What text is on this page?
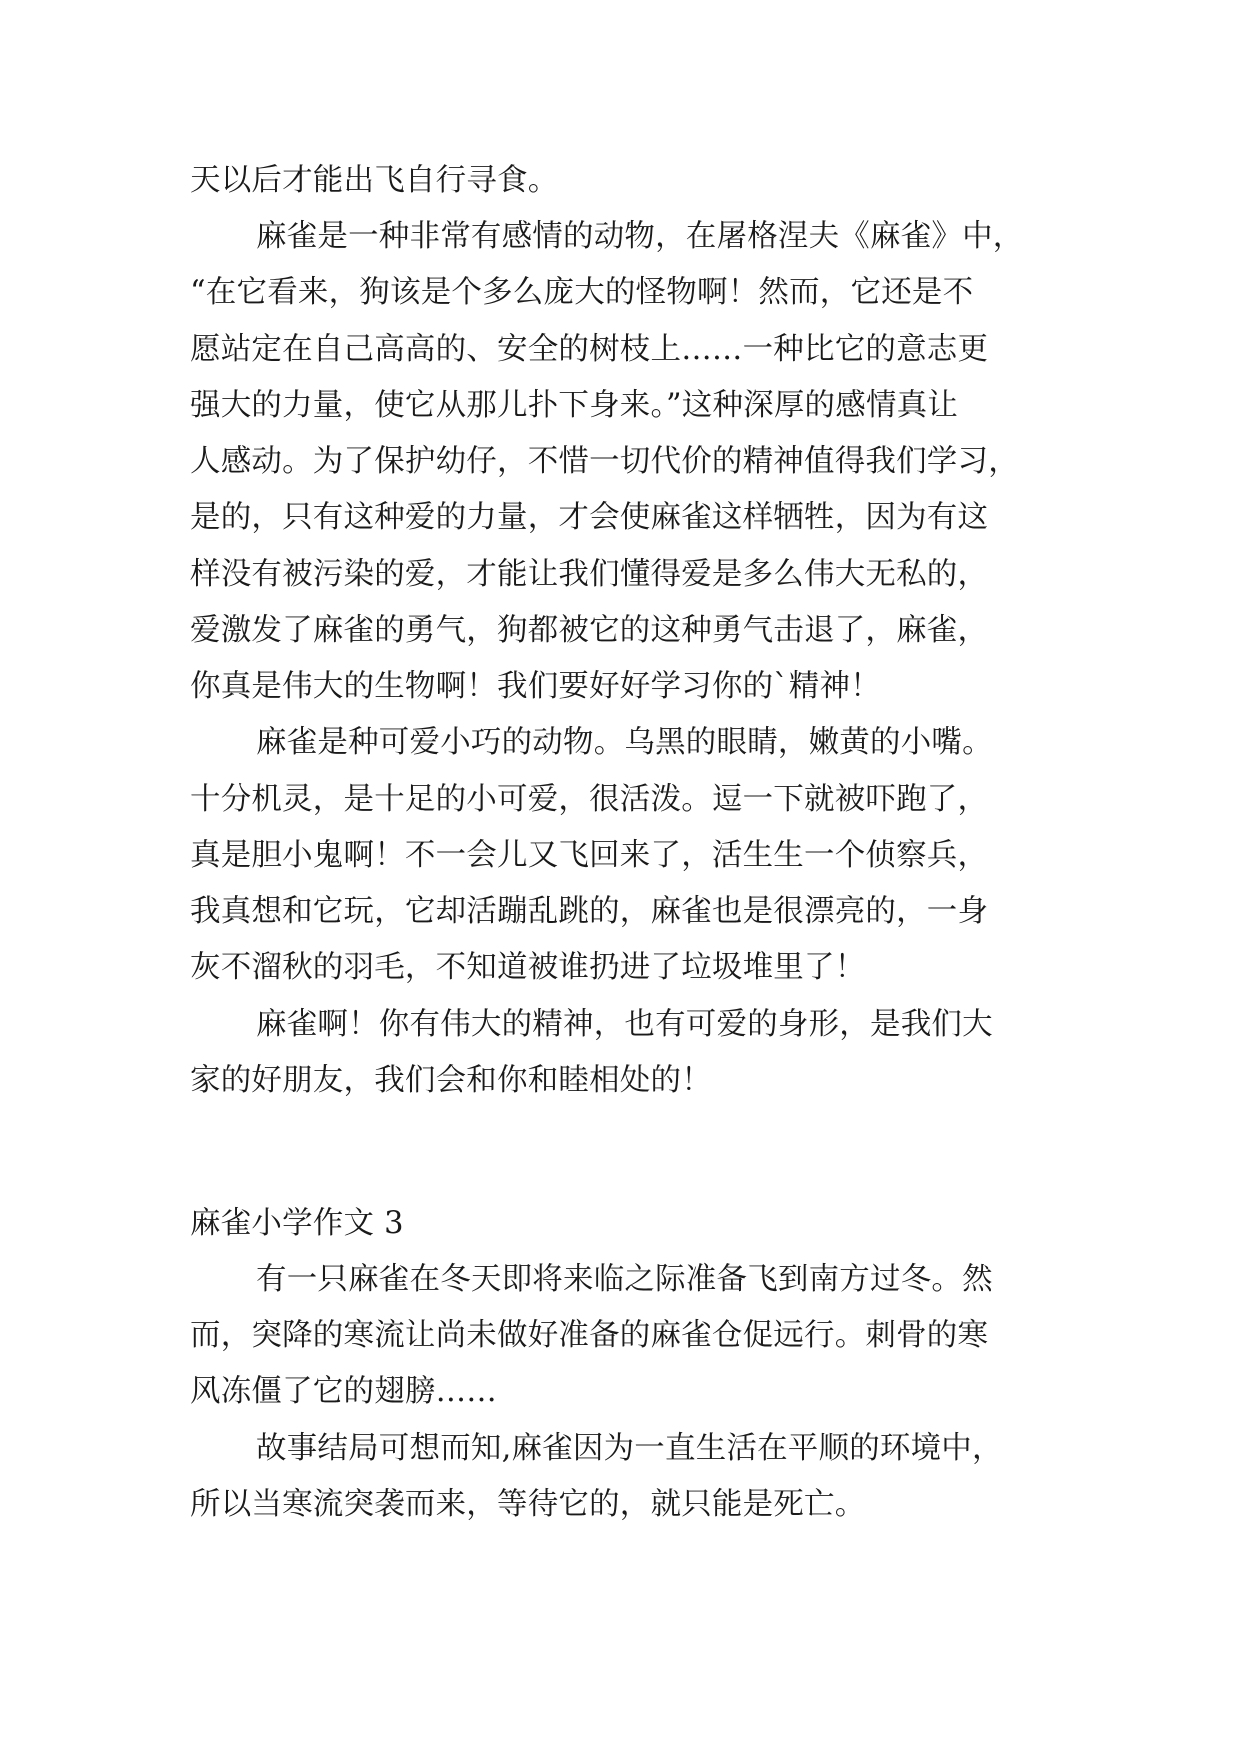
天以后才能出飞自行寻食。

麻雀是一种非常有感情的动物，在屠格涅夫《麻雀》中，

“在它看来，狗该是个多么庞大的怪物啊！然而，它还是不

愿站定在自己高高的、安全的树枝上……一种比它的意志更

强大的力量，使它从那儿扑下身来。”这种深厚的感情真让

人感动。为了保护幼仔，不惜一切代价的精神值得我们学习，

是的，只有这种爱的力量，才会使麻雀这样牺牲，因为有这

样没有被污染的爱，才能让我们懂得爱是多么伟大无私的，

爱激发了麻雀的勇气，狗都被它的这种勇气击退了，麻雀，

你真是伟大的生物啊！我们要好好学习你的`精神！

麻雀是种可爱小巧的动物。乌黑的眼睛，嫩黄的小嘴。

十分机灵，是十足的小可爱，很活泼。逗一下就被吓跑了，

真是胆小鬼啊！不一会儿又飞回来了，活生生一个侦察兵，

我真想和它玩，它却活蹦乱跳的，麻雀也是很漂亮的，一身

灰不溜秋的羽毛，不知道被谁扔进了垃圾堆里了！

麻雀啊！你有伟大的精神，也有可爱的身形，是我们大

家的好朋友，我们会和你和睦相处的！

麻雀小学作文 3

有一只麻雀在冬天即将来临之际准备飞到南方过冬。然

而，突降的寒流让尚未做好准备的麻雀仓促远行。刺骨的寒

风冻僵了它的翅膀……

故事结局可想而知,麻雀因为一直生活在平顺的环境中，

所以当寒流突袭而来，等待它的，就只能是死亡。
